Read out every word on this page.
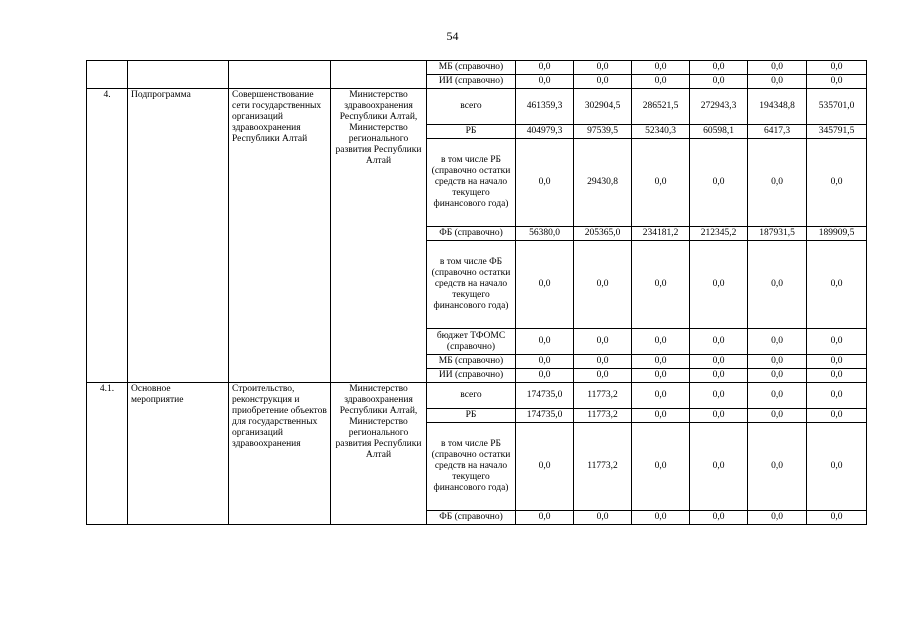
54
				МБ (справочно)	0,0	0,0	0,0	0,0	0,0	0,0
				ИИ (справочно)	0,0	0,0	0,0	0,0	0,0	0,0
4.	Подпрограмма	Совершенствование сети государственных организаций здравоохранения Республики Алтай	Министерство здравоохранения Республики Алтай, Министерство регионального развития Республики Алтай	всего	461359,3	302904,5	286521,5	272943,3	194348,8	535701,0
				РБ	404979,3	97539,5	52340,3	60598,1	6417,3	345791,5
				в том числе РБ (справочно остатки средств на начало текущего финансового года)	0,0	29430,8	0,0	0,0	0,0	0,0
				ФБ (справочно)	56380,0	205365,0	234181,2	212345,2	187931,5	189909,5
				в том числе ФБ (справочно остатки средств на начало текущего финансового года)	0,0	0,0	0,0	0,0	0,0	0,0
				бюджет ТФОМС (справочно)	0,0	0,0	0,0	0,0	0,0	0,0
				МБ (справочно)	0,0	0,0	0,0	0,0	0,0	0,0
				ИИ (справочно)	0,0	0,0	0,0	0,0	0,0	0,0
4.1.	Основное мероприятие	Строительство, реконструкция и приобретение объектов для государственных организаций здравоохранения	Министерство здравоохранения Республики Алтай, Министерство регионального развития Республики Алтай	всего	174735,0	11773,2	0,0	0,0	0,0	0,0
				РБ	174735,0	11773,2	0,0	0,0	0,0	0,0
				в том числе РБ (справочно остатки средств на начало текущего финансового года)	0,0	11773,2	0,0	0,0	0,0	0,0
				ФБ (справочно)	0,0	0,0	0,0	0,0	0,0	0,0
